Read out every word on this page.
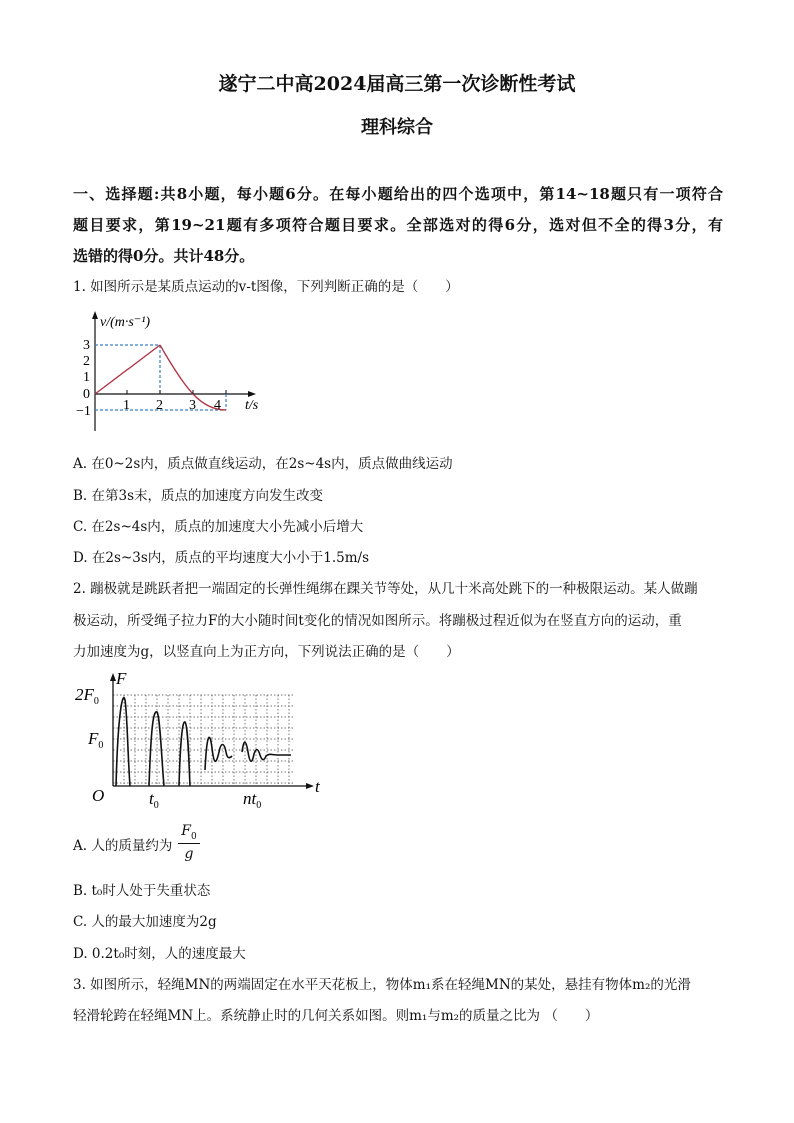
遂宁二中高2024届高三第一次诊断性考试
理科综合
一、选择题:共8小题，每小题6分。在每小题给出的四个选项中，第14~18题只有一项符合
题目要求，第19~21题有多项符合题目要求。全部选对的得6分，选对但不全的得3分，有
选错的得0分。共计48分。
1. 如图所示是某质点运动的v-t图像，下列判断正确的是（　　）
v/(m·s⁻¹)
3
2
1
0
−1 1 2 3 4 t/s
A. 在0~2s内，质点做直线运动，在2s~4s内，质点做曲线运动
B. 在第3s末，质点的加速度方向发生改变
C. 在2s~4s内，质点的加速度大小先减小后增大
D. 在2s~3s内，质点的平均速度大小小于1.5m/s
2. 蹦极就是跳跃者把一端固定的长弹性绳绑在踝关节等处，从几十米高处跳下的一种极限运动。某人做蹦
极运动，所受绳子拉力F的大小随时间t变化的情况如图所示。将蹦极过程近似为在竖直方向的运动，重
力加速度为g，以竖直向上为正方向，下列说法正确的是（　　）
F
$2F_0$
$F_0$
O	$t_0$	$nt_0$
t
A. 人的质量约为 $\frac{F_0}{g}$
B. t₀时人处于失重状态
C. 人的最大加速度为2g
D. 0.2t₀时刻，人的速度最大
3. 如图所示，轻绳MN的两端固定在水平天花板上，物体m₁系在轻绳MN的某处，悬挂有物体m₂的光滑
轻滑轮跨在轻绳MN上。系统静止时的几何关系如图。则m₁与m₂的质量之比为 （　　）
